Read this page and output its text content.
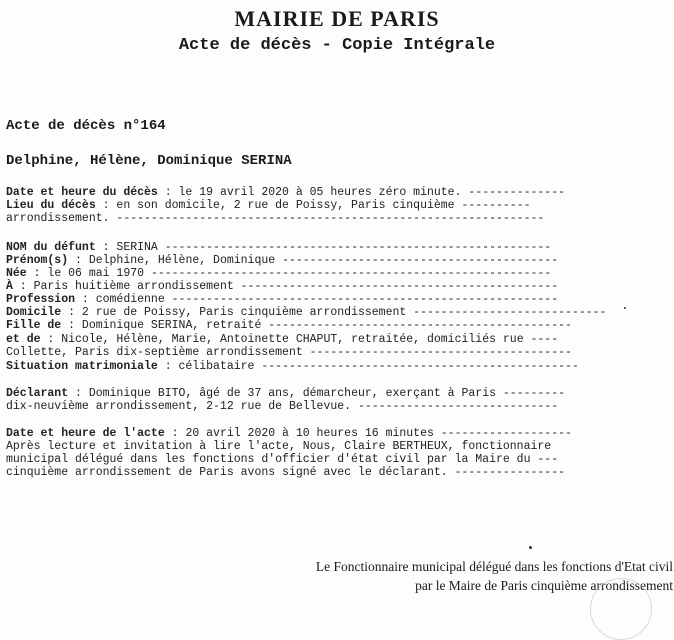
MAIRIE DE PARIS
Acte de décès - Copie Intégrale
Acte de décès n°164
Delphine, Hélène, Dominique SERINA
Date et heure du décès : le 19 avril 2020 à 05 heures zéro minute. --------------
Lieu du décès : en son domicile, 2 rue de Poissy, Paris cinquième ----------
arrondissement. --------------------------------------------------------------
NOM du défunt : SERINA --------------------------------------------------------
Prénom(s) : Delphine, Hélène, Dominique ----------------------------------------
Née : le 06 mai 1970 ----------------------------------------------------------
À : Paris huitième arrondissement ----------------------------------------------
Profession : comédienne --------------------------------------------------------
Domicile : 2 rue de Poissy, Paris cinquième arrondissement ----------------------------
Fille de : Dominique SERINA, retraité --------------------------------------------
et de : Nicole, Hélène, Marie, Antoinette CHAPUT, retraitée, domiciliés rue ----
Collette, Paris dix-septième arrondissement --------------------------------------
Situation matrimoniale : célibataire ----------------------------------------------
Déclarant : Dominique BITO, âgé de 37 ans, démarcheur, exerçant à Paris ---------
dix-neuvième arrondissement, 2-12 rue de Bellevue. -----------------------------
Date et heure de l'acte : 20 avril 2020 à 10 heures 16 minutes -------------------
Après lecture et invitation à lire l'acte, Nous, Claire BERTHEUX, fonctionnaire
municipal délégué dans les fonctions d'officier d'état civil par la Maire du ---
cinquième arrondissement de Paris avons signé avec le déclarant. ----------------
Le Fonctionnaire municipal délégué dans les fonctions d'Etat civil
par le Maire de Paris cinquième arrondissement
